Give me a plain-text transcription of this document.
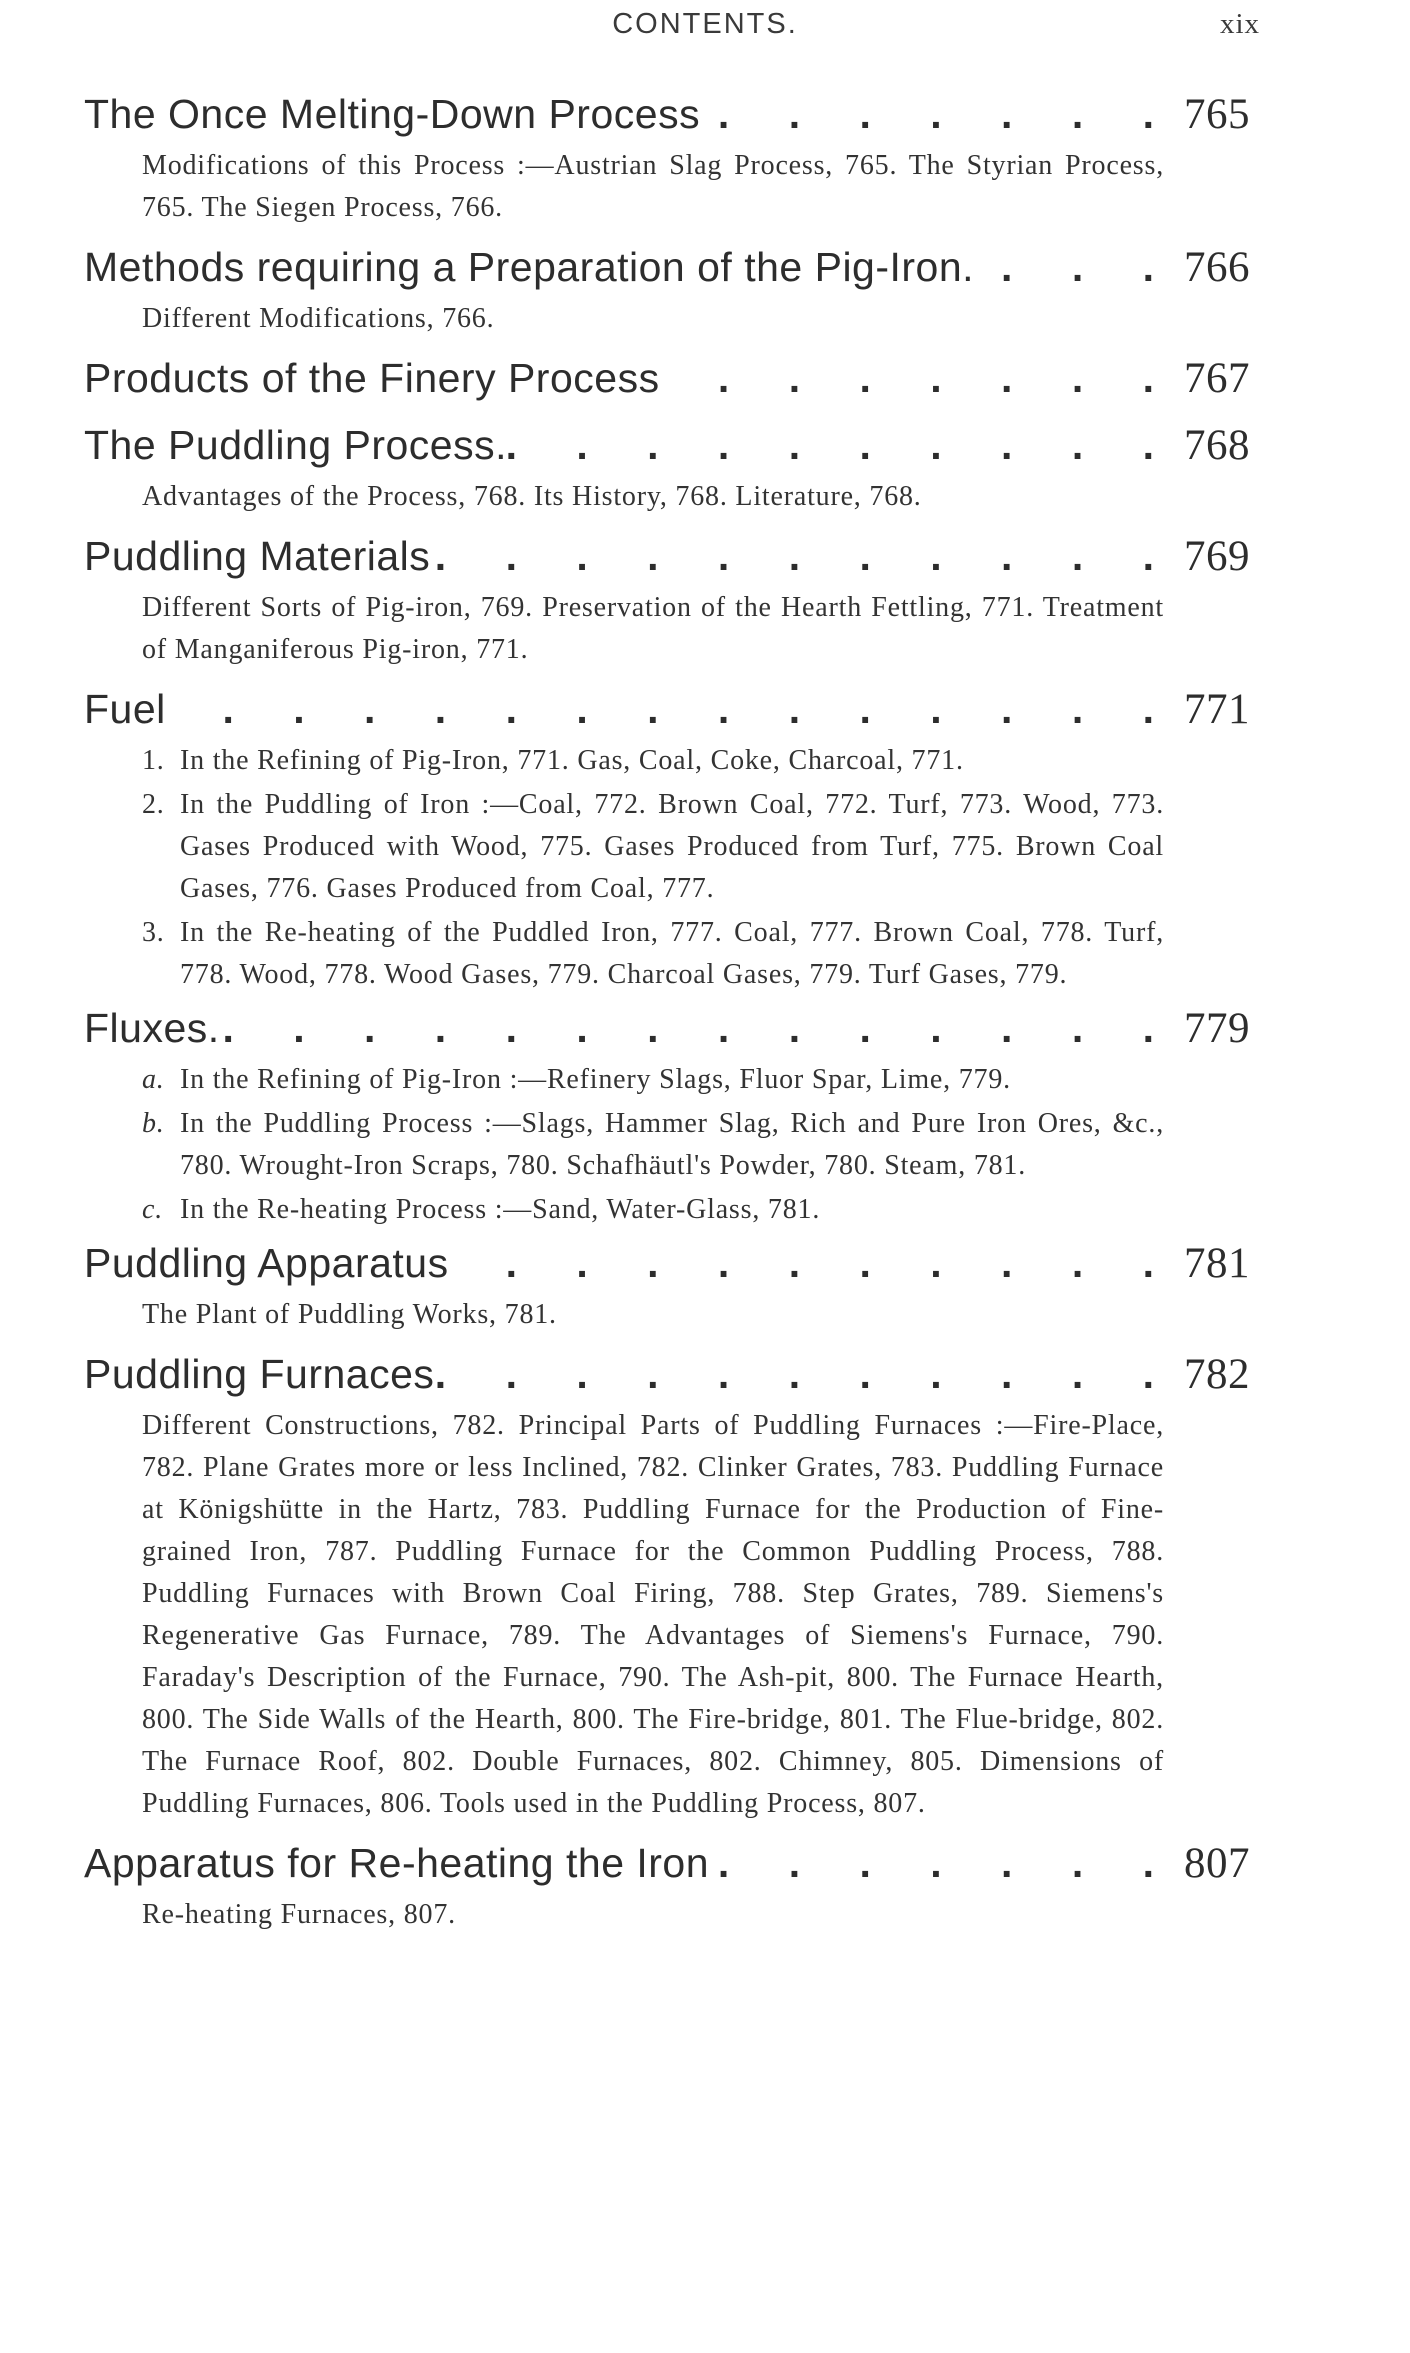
CONTENTS.	xix
The Once Melting-Down Process . . .	765

Modifications of this Process :—Austrian Slag Process, 765. The Styrian Process, 765. The Siegen Process, 766.

Methods requiring a Preparation of the Pig-Iron. . . .	766

Different Modifications, 766.

Products of the Finery Process . . .	767
The Puddling Process. . . .	768

Advantages of the Process, 768. Its History, 768. Literature, 768.

Puddling Materials . . .	769

Different Sorts of Pig-iron, 769. Preservation of the Hearth Fettling, 771. Treatment of Manganiferous Pig-iron, 771.

Fuel . . .	771

1. In the Refining of Pig-Iron, 771. Gas, Coal, Coke, Charcoal, 771.

2. In the Puddling of Iron :—Coal, 772. Brown Coal, 772. Turf, 773. Wood, 773. Gases Produced with Wood, 775. Gases Produced from Turf, 775. Brown Coal Gases, 776. Gases Produced from Coal, 777.

3. In the Re-heating of the Puddled Iron, 777. Coal, 777. Brown Coal, 778. Turf, 778. Wood, 778. Wood Gases, 779. Charcoal Gases, 779. Turf Gases, 779.

Fluxes. . . .	779

a. In the Refining of Pig-Iron :—Refinery Slags, Fluor Spar, Lime, 779.

b. In the Puddling Process :—Slags, Hammer Slag, Rich and Pure Iron Ores, &c., 780. Wrought-Iron Scraps, 780. Schafhäutl's Powder, 780. Steam, 781.

c. In the Re-heating Process :—Sand, Water-Glass, 781.

Puddling Apparatus . . .	781

The Plant of Puddling Works, 781.

Puddling Furnaces . . .	782

Different Constructions, 782. Principal Parts of Puddling Furnaces :—Fire-Place, 782. Plane Grates more or less Inclined, 782. Clinker Grates, 783. Puddling Furnace at Königshütte in the Hartz, 783. Puddling Furnace for the Production of Fine-grained Iron, 787. Puddling Furnace for the Common Puddling Process, 788. Puddling Furnaces with Brown Coal Firing, 788. Step Grates, 789. Siemens's Regenerative Gas Furnace, 789. The Advantages of Siemens's Furnace, 790. Faraday's Description of the Furnace, 790. The Ash-pit, 800. The Furnace Hearth, 800. The Side Walls of the Hearth, 800. The Fire-bridge, 801. The Flue-bridge, 802. The Furnace Roof, 802. Double Furnaces, 802. Chimney, 805. Dimensions of Puddling Furnaces, 806. Tools used in the Puddling Process, 807.

Apparatus for Re-heating the Iron . . .	807

Re-heating Furnaces, 807.
